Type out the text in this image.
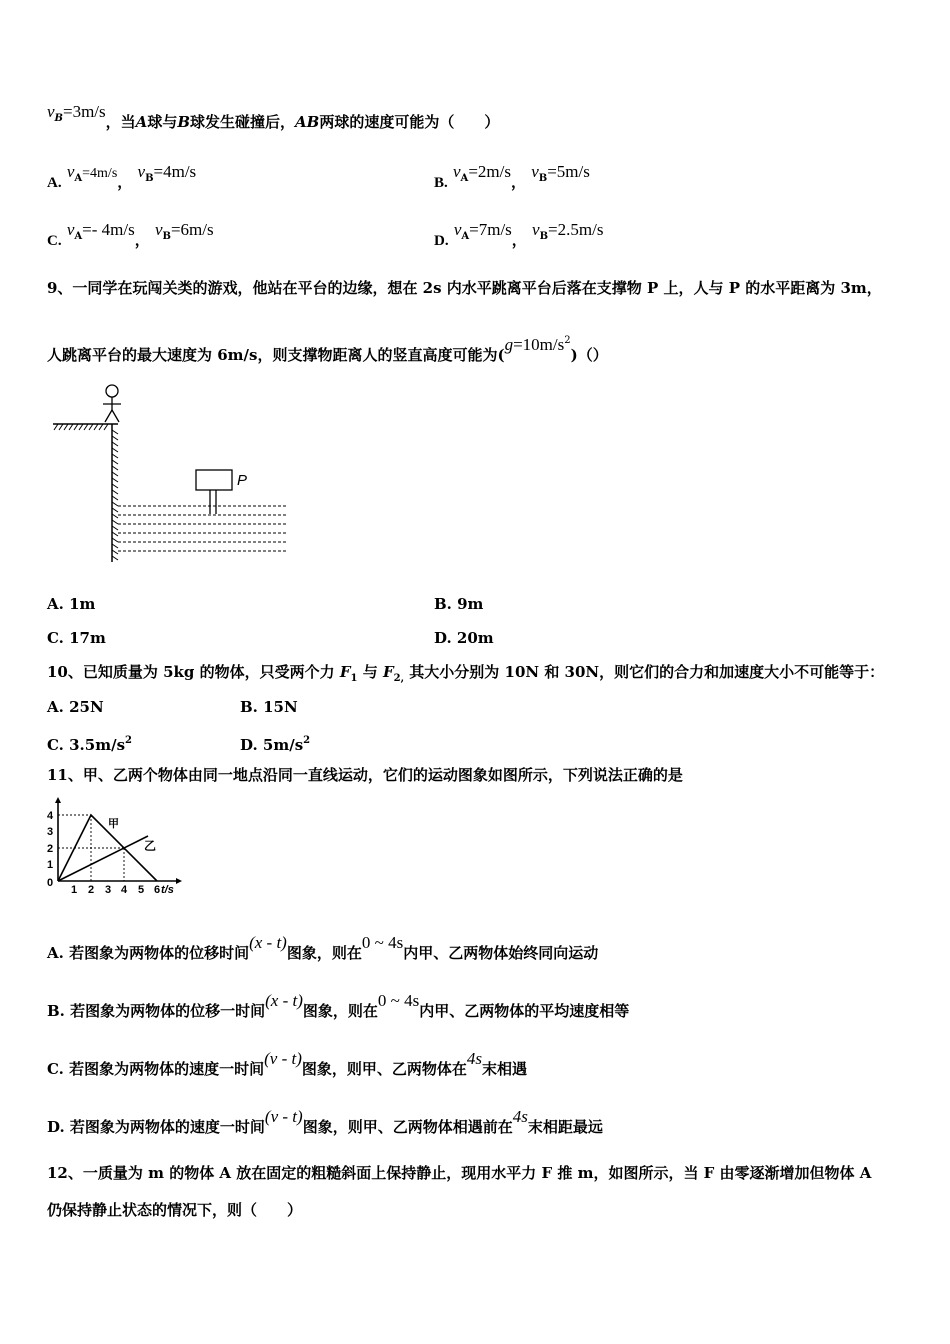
$v_B=3m/s$，当A球与B球发生碰撞后，AB两球的速度可能为（　　）
A. $v_A=4m/s$， $v_B=4m/s$
B. $v_A=2m/s$， $v_B=5m/s$
C. $v_A=-$ 4m/s， $v_B=6m/s$
D. $v_A=7m/s$， $v_B=2.5m/s$
9、一同学在玩闯关类的游戏，他站在平台的边缘，想在 2s 内水平跳离平台后落在支撑物 P 上，人与 P 的水平距离为 3m，
人跳离平台的最大速度为 6m/s，则支撑物距离人的竖直高度可能为$(g=10m/s^2)()$
P
A. 1m	B. 9m
C. 17m	D. 20m
10、已知质量为 5kg 的物体，只受两个力 $F_1$ 与 $F_{2,}$ 其大小分别为 10N 和 30N，则它们的合力和加速度大小不可能等于：
A. 25N	B. 15N
C. $3.5m/s^2$	D. $5m/s^2$
11、甲、乙两个物体由同一地点沿同一直线运动，它们的运动图象如图所示，下列说法正确的是
4
3
2
1
0
1 2 3 4 5 6 t/s
甲
乙
A. 若图象为两物体的位移时间(x - t)图象，则在0 ~ 4s内甲、乙两物体始终同向运动
B. 若图象为两物体的位移一时间(x - t)图象，则在0 ~ 4s内甲、乙两物体的平均速度相等
C. 若图象为两物体的速度一时间(v - t)图象，则甲、乙两物体在4s末相遇
D. 若图象为两物体的速度一时间(v - t)图象，则甲、乙两物体相遇前在4s末相距最远
12、一质量为 m 的物体 A 放在固定的粗糙斜面上保持静止，现用水平力 F 推 m，如图所示，当 F 由零逐渐增加但物体 A
仍保持静止状态的情况下，则（　　）
